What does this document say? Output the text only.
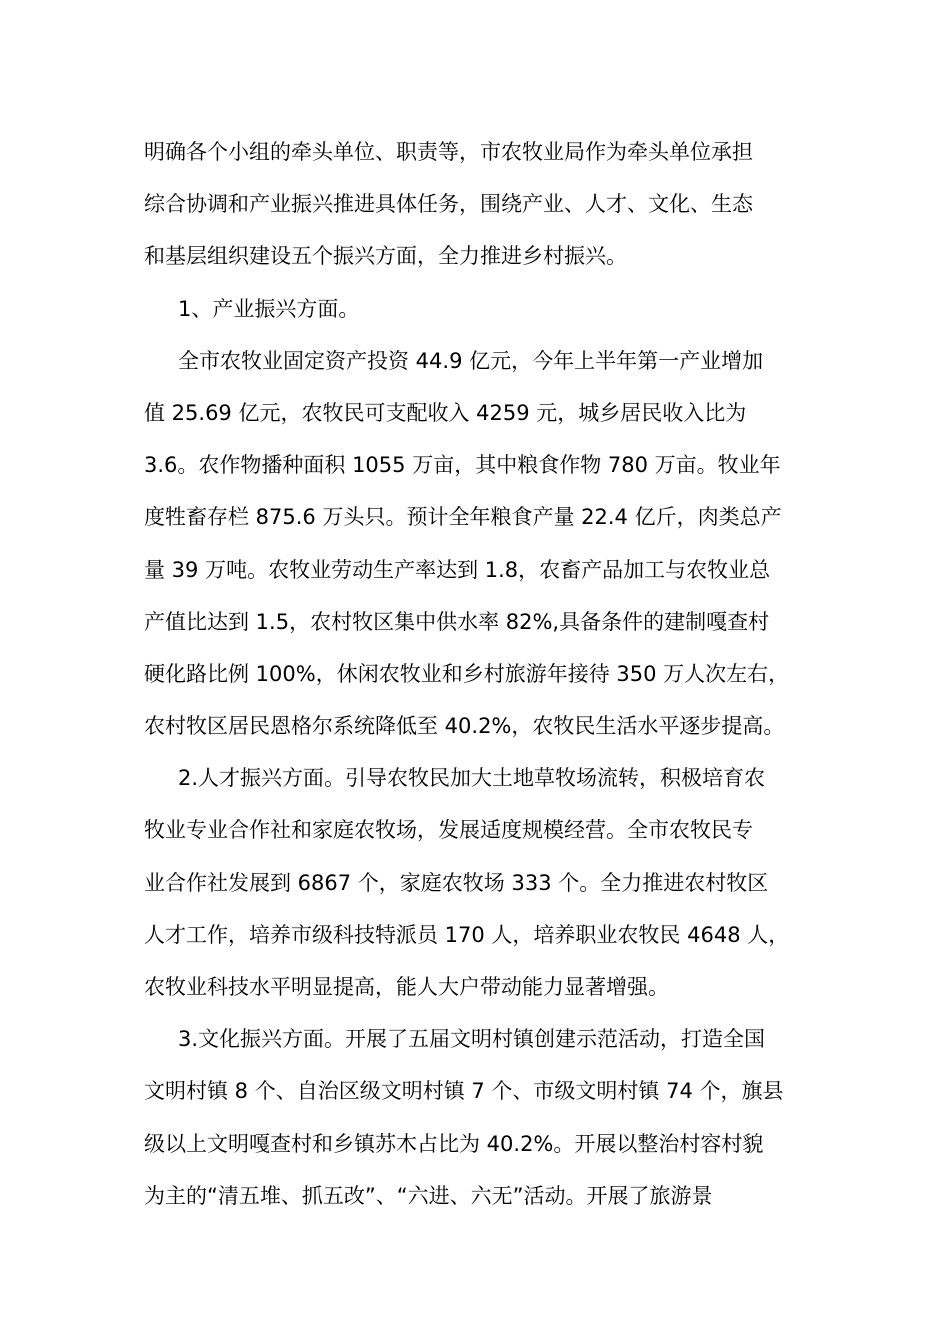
明确各个小组的牵头单位、职责等，市农牧业局作为牵头单位承担
综合协调和产业振兴推进具体任务，围绕产业、人才、文化、生态
和基层组织建设五个振兴方面，全力推进乡村振兴。
1、产业振兴方面。
全市农牧业固定资产投资 44.9 亿元，今年上半年第一产业增加
值 25.69 亿元，农牧民可支配收入 4259 元，城乡居民收入比为
3.6。农作物播种面积 1055 万亩，其中粮食作物 780 万亩。牧业年
度牲畜存栏 875.6 万头只。预计全年粮食产量 22.4 亿斤，肉类总产
量 39 万吨。农牧业劳动生产率达到 1.8，农畜产品加工与农牧业总
产值比达到 1.5，农村牧区集中供水率 82%,具备条件的建制嘎查村
硬化路比例 100%，休闲农牧业和乡村旅游年接待 350 万人次左右，
农村牧区居民恩格尔系统降低至 40.2%，农牧民生活水平逐步提高。
2.人才振兴方面。引导农牧民加大土地草牧场流转，积极培育农
牧业专业合作社和家庭农牧场，发展适度规模经营。全市农牧民专
业合作社发展到 6867 个，家庭农牧场 333 个。全力推进农村牧区
人才工作，培养市级科技特派员 170 人，培养职业农牧民 4648 人，
农牧业科技水平明显提高，能人大户带动能力显著增强。
3.文化振兴方面。开展了五届文明村镇创建示范活动，打造全国
文明村镇 8 个、自治区级文明村镇 7 个、市级文明村镇 74 个，旗县
级以上文明嘎查村和乡镇苏木占比为 40.2%。开展以整治村容村貌
为主的“清五堆、抓五改”、“六进、六无”活动。开展了旅游景
